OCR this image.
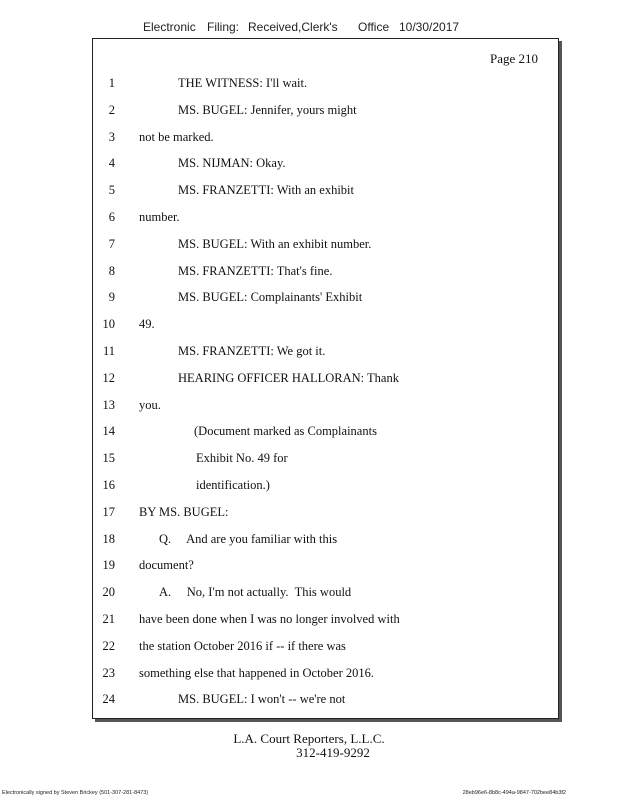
Electronic Filing: Received,Clerk's Office 10/30/2017
Page 210
1	THE WITNESS: I'll wait.
2	MS. BUGEL: Jennifer, yours might
3 not be marked.
4	MS. NIJMAN: Okay.
5	MS. FRANZETTI: With an exhibit
6 number.
7	MS. BUGEL: With an exhibit number.
8	MS. FRANZETTI: That's fine.
9	MS. BUGEL: Complainants' Exhibit
10 49.
11	MS. FRANZETTI: We got it.
12	HEARING OFFICER HALLORAN: Thank
13 you.
14	(Document marked as Complainants
15	Exhibit No. 49 for
16	identification.)
17 BY MS. BUGEL:
18	Q.     And are you familiar with this
19 document?
20	A.     No, I'm not actually.  This would
21 have been done when I was no longer involved with
22 the station October 2016 if -- if there was
23 something else that happened in October 2016.
24	MS. BUGEL: I won't -- we're not
L.A. Court Reporters, L.L.C.
312-419-9292
Electronically signed by Steven Brickey (501-307-281-8473)	28eb96e6-8b8c-494a-9847-702bee84b3f2
